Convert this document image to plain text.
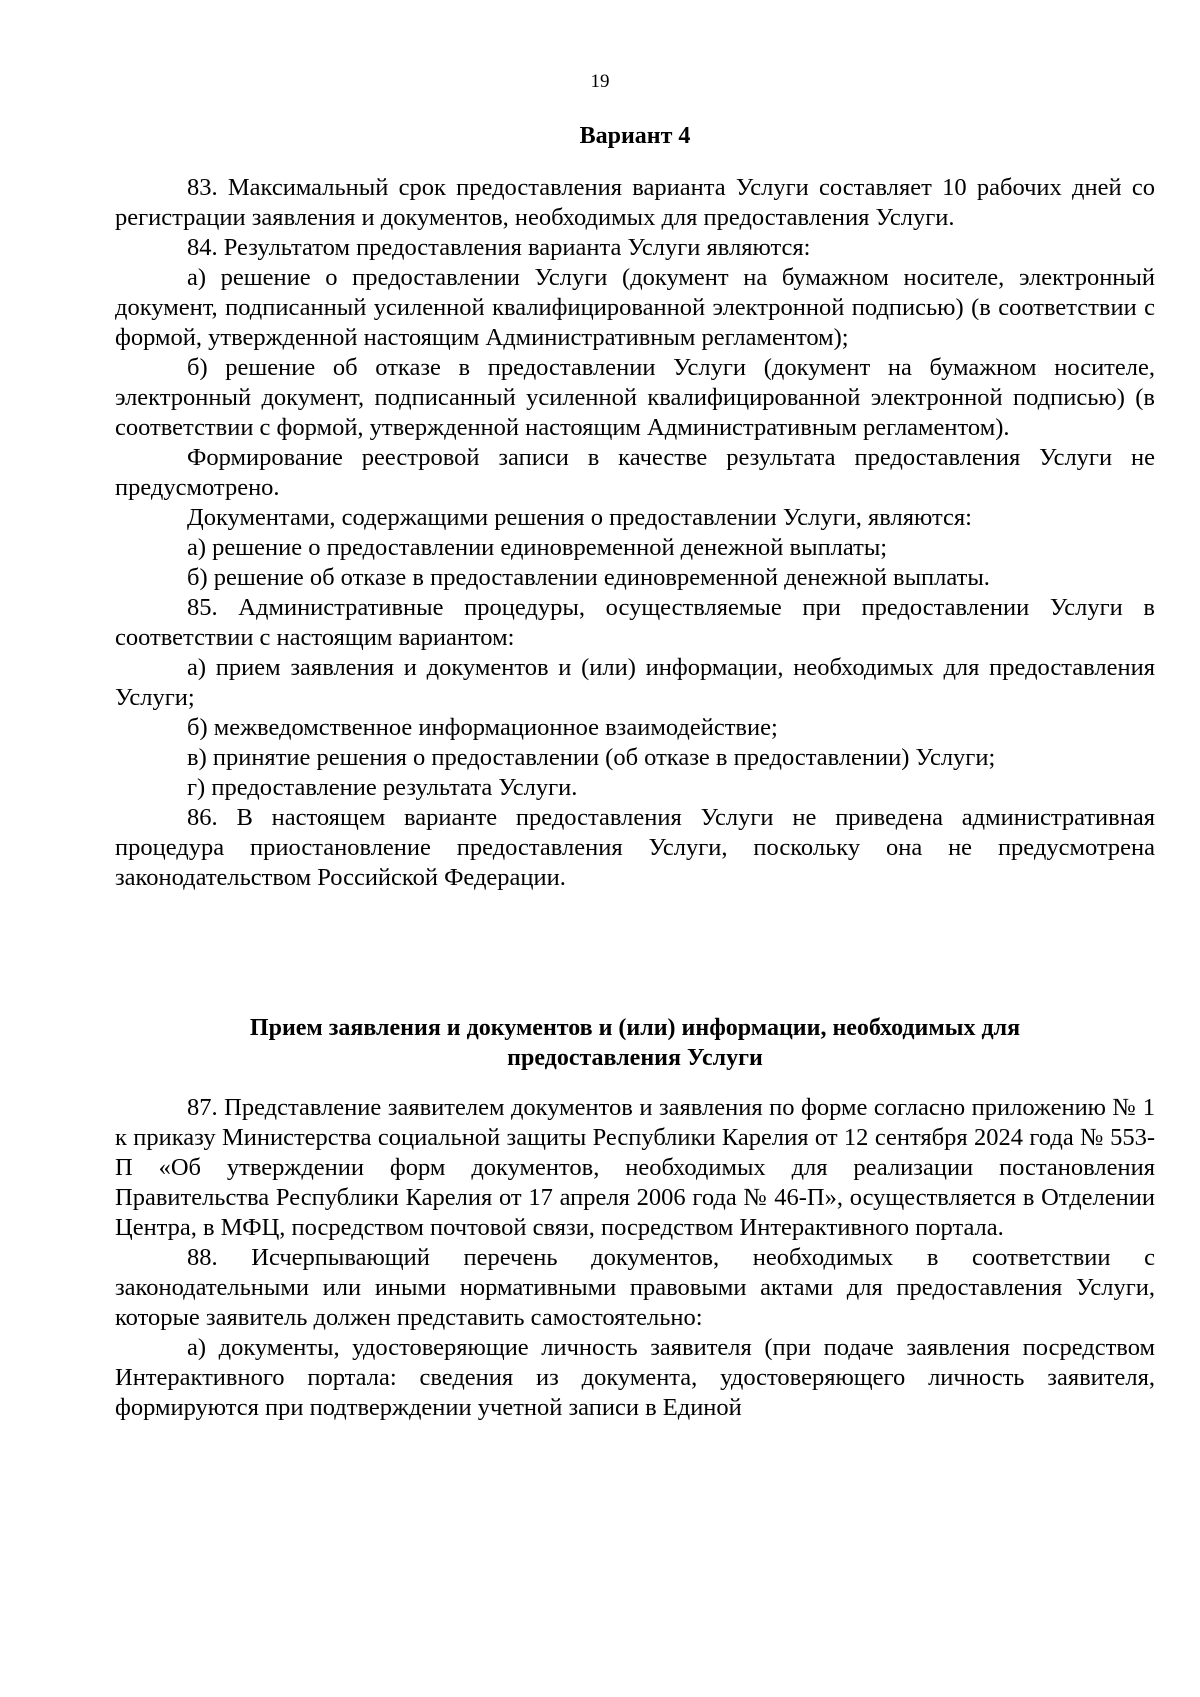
19
Вариант 4

83. Максимальный срок предоставления варианта Услуги составляет 10 рабочих дней со регистрации заявления и документов, необходимых для предоставления Услуги.

84. Результатом предоставления варианта Услуги являются:

а) решение о предоставлении Услуги (документ на бумажном носителе, электронный документ, подписанный усиленной квалифицированной электронной подписью) (в соответствии с формой, утвержденной настоящим Административным регламентом);

б) решение об отказе в предоставлении Услуги (документ на бумажном носителе, электронный документ, подписанный усиленной квалифицированной электронной подписью) (в соответствии с формой, утвержденной настоящим Административным регламентом).

Формирование реестровой записи в качестве результата предоставления Услуги не предусмотрено.

Документами, содержащими решения о предоставлении Услуги, являются:

а) решение о предоставлении единовременной денежной выплаты;

б) решение об отказе в предоставлении единовременной денежной выплаты.

85. Административные процедуры, осуществляемые при предоставлении Услуги в соответствии с настоящим вариантом:

а) прием заявления и документов и (или) информации, необходимых для предоставления Услуги;

б) межведомственное информационное взаимодействие;

в) принятие решения о предоставлении (об отказе в предоставлении) Услуги;

г) предоставление результата Услуги.

86. В настоящем варианте предоставления Услуги не приведена административная процедура приостановление предоставления Услуги, поскольку она не предусмотрена законодательством Российской Федерации.

Прием заявления и документов и (или) информации, необходимых для
предоставления Услуги

87. Представление заявителем документов и заявления по форме согласно приложению № 1 к приказу Министерства социальной защиты Республики Карелия от 12 сентября 2024 года № 553-П «Об утверждении форм документов, необходимых для реализации постановления Правительства Республики Карелия от 17 апреля 2006 года № 46-П», осуществляется в Отделении Центра, в МФЦ, посредством почтовой связи, посредством Интерактивного портала.

88. Исчерпывающий перечень документов, необходимых в соответствии с законодательными или иными нормативными правовыми актами для предоставления Услуги, которые заявитель должен представить самостоятельно:

а) документы, удостоверяющие личность заявителя (при подаче заявления посредством Интерактивного портала: сведения из документа, удостоверяющего личность заявителя, формируются при подтверждении учетной записи в Единой
